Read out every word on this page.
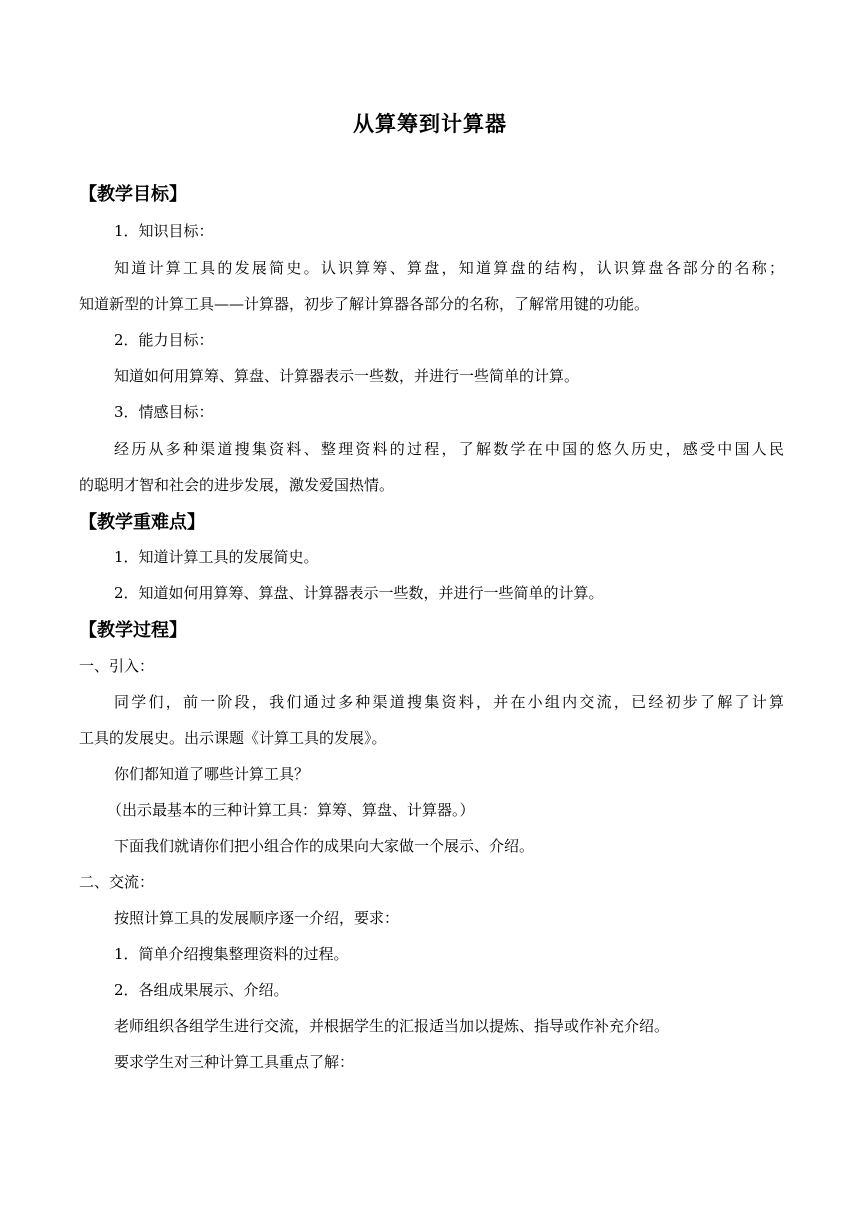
从算筹到计算器
【教学目标】
1．知识目标：
知道计算工具的发展简史。认识算筹、算盘，知道算盘的结构，认识算盘各部分的名称；
知道新型的计算工具——计算器，初步了解计算器各部分的名称，了解常用键的功能。
2．能力目标：
知道如何用算筹、算盘、计算器表示一些数，并进行一些简单的计算。
3．情感目标：
经历从多种渠道搜集资料、整理资料的过程，了解数学在中国的悠久历史，感受中国人民
的聪明才智和社会的进步发展，激发爱国热情。
【教学重难点】
1．知道计算工具的发展简史。
2．知道如何用算筹、算盘、计算器表示一些数，并进行一些简单的计算。
【教学过程】
一、引入：
同学们，前一阶段，我们通过多种渠道搜集资料，并在小组内交流，已经初步了解了计算
工具的发展史。出示课题《计算工具的发展》。
你们都知道了哪些计算工具？
（出示最基本的三种计算工具：算筹、算盘、计算器。）
下面我们就请你们把小组合作的成果向大家做一个展示、介绍。
二、交流：
按照计算工具的发展顺序逐一介绍，要求：
1．简单介绍搜集整理资料的过程。
2．各组成果展示、介绍。
老师组织各组学生进行交流，并根据学生的汇报适当加以提炼、指导或作补充介绍。
要求学生对三种计算工具重点了解：
